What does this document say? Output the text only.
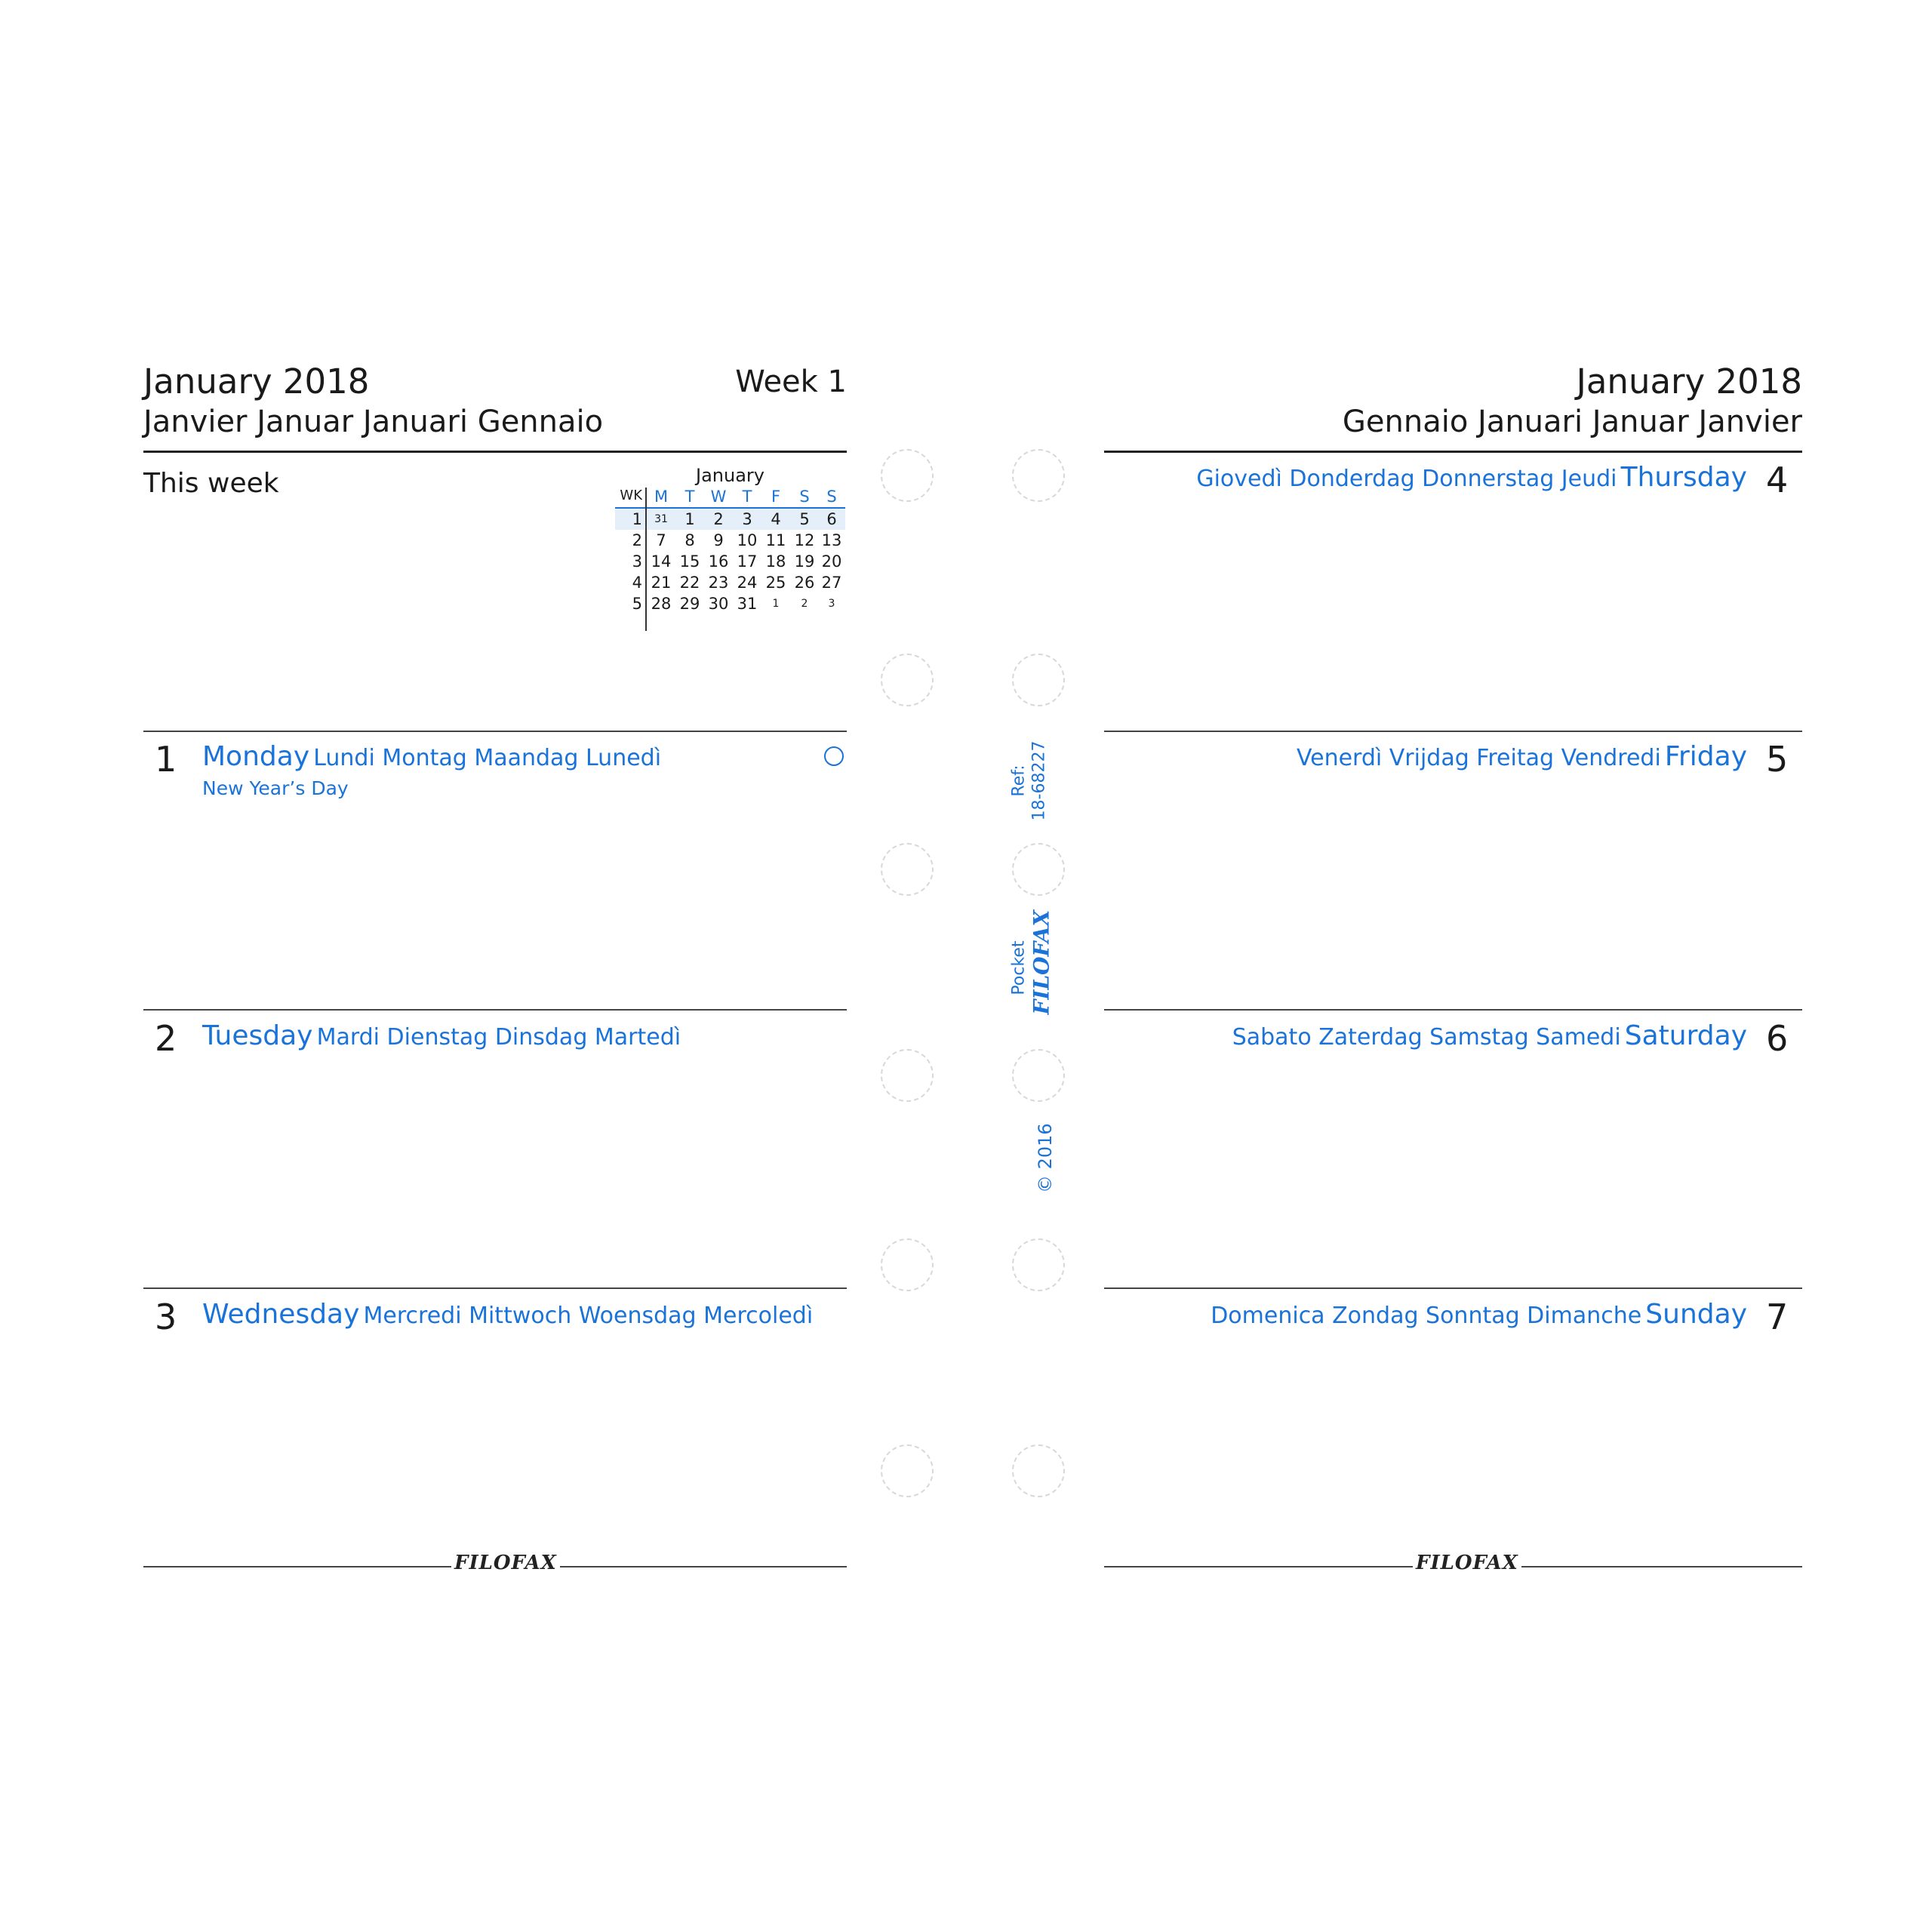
January 2018
Janvier Januar Januari Gennaio
Week 1
This week	January
WK M	T	W	T	F	S	S
1	31	1	2	3	4	5	6
2 7	8	9 10 11 12 13
3 14 15 16 17 18 19 20
4 21 22 23 24 25 26 27
5 28 29 30 31	1	2	3
1 Monday Lundi Montag Maandag Lunedì
New Year’s Day
2 Tuesday Mardi Dienstag Dinsdag Martedì
3 Wednesday Mercredi Mittwoch Woensdag Mercoledì
FILOFAX
Ref: 18-68227
Pocket FILOFAX
© 2016
January 2018
Gennaio Januari Januar Janvier
Giovedì Donderdag Donnerstag Jeudi Thursday 4
Venerdì Vrijdag Freitag Vendredi Friday 5
Sabato Zaterdag Samstag Samedi Saturday 6
Domenica Zondag Sonntag Dimanche Sunday 7
FILOFAX
